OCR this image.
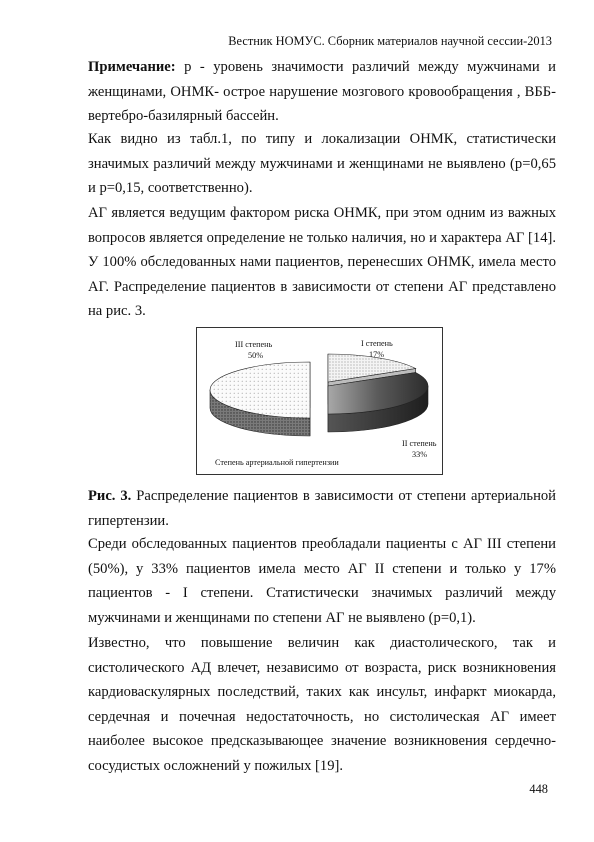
Вестник НОМУС. Сборник материалов научной сессии-2013

Примечание: р - уровень значимости различий между мужчинами и женщинами, ОНМК- острое нарушение мозгового кровообращения , ВББ-вертебро-базилярный бассейн.

Как видно из табл.1, по типу и локализации ОНМК, статистически значимых различий между мужчинами и женщинами не выявлено (р=0,65 и р=0,15, соответственно).

АГ является ведущим фактором риска ОНМК, при этом одним из важных вопросов является определение не только наличия, но и характера АГ [14]. У 100% обследованных нами пациентов, перенесших ОНМК, имела место АГ. Распределение пациентов в зависимости от степени АГ представлено на рис. 3.

III степень
50%
I степень
17%
II степень
33%
Степень артериальной гипертензии

Рис. 3. Распределение пациентов в зависимости от степени артериальной гипертензии.

Среди обследованных пациентов преобладали пациенты с АГ III степени (50%), у 33% пациентов имела место АГ II степени и только у 17% пациентов - I степени. Статистически значимых различий между мужчинами и женщинами по степени АГ не выявлено (р=0,1).

Известно, что повышение величин как диастолического, так и систолического АД влечет, независимо от возраста, риск возникновения кардиоваскулярных последствий, таких как инсульт, инфаркт миокарда, сердечная и почечная недостаточность, но систолическая АГ имеет наиболее высокое предсказывающее значение возникновения сердечно-сосудистых осложнений у пожилых [19].

448
